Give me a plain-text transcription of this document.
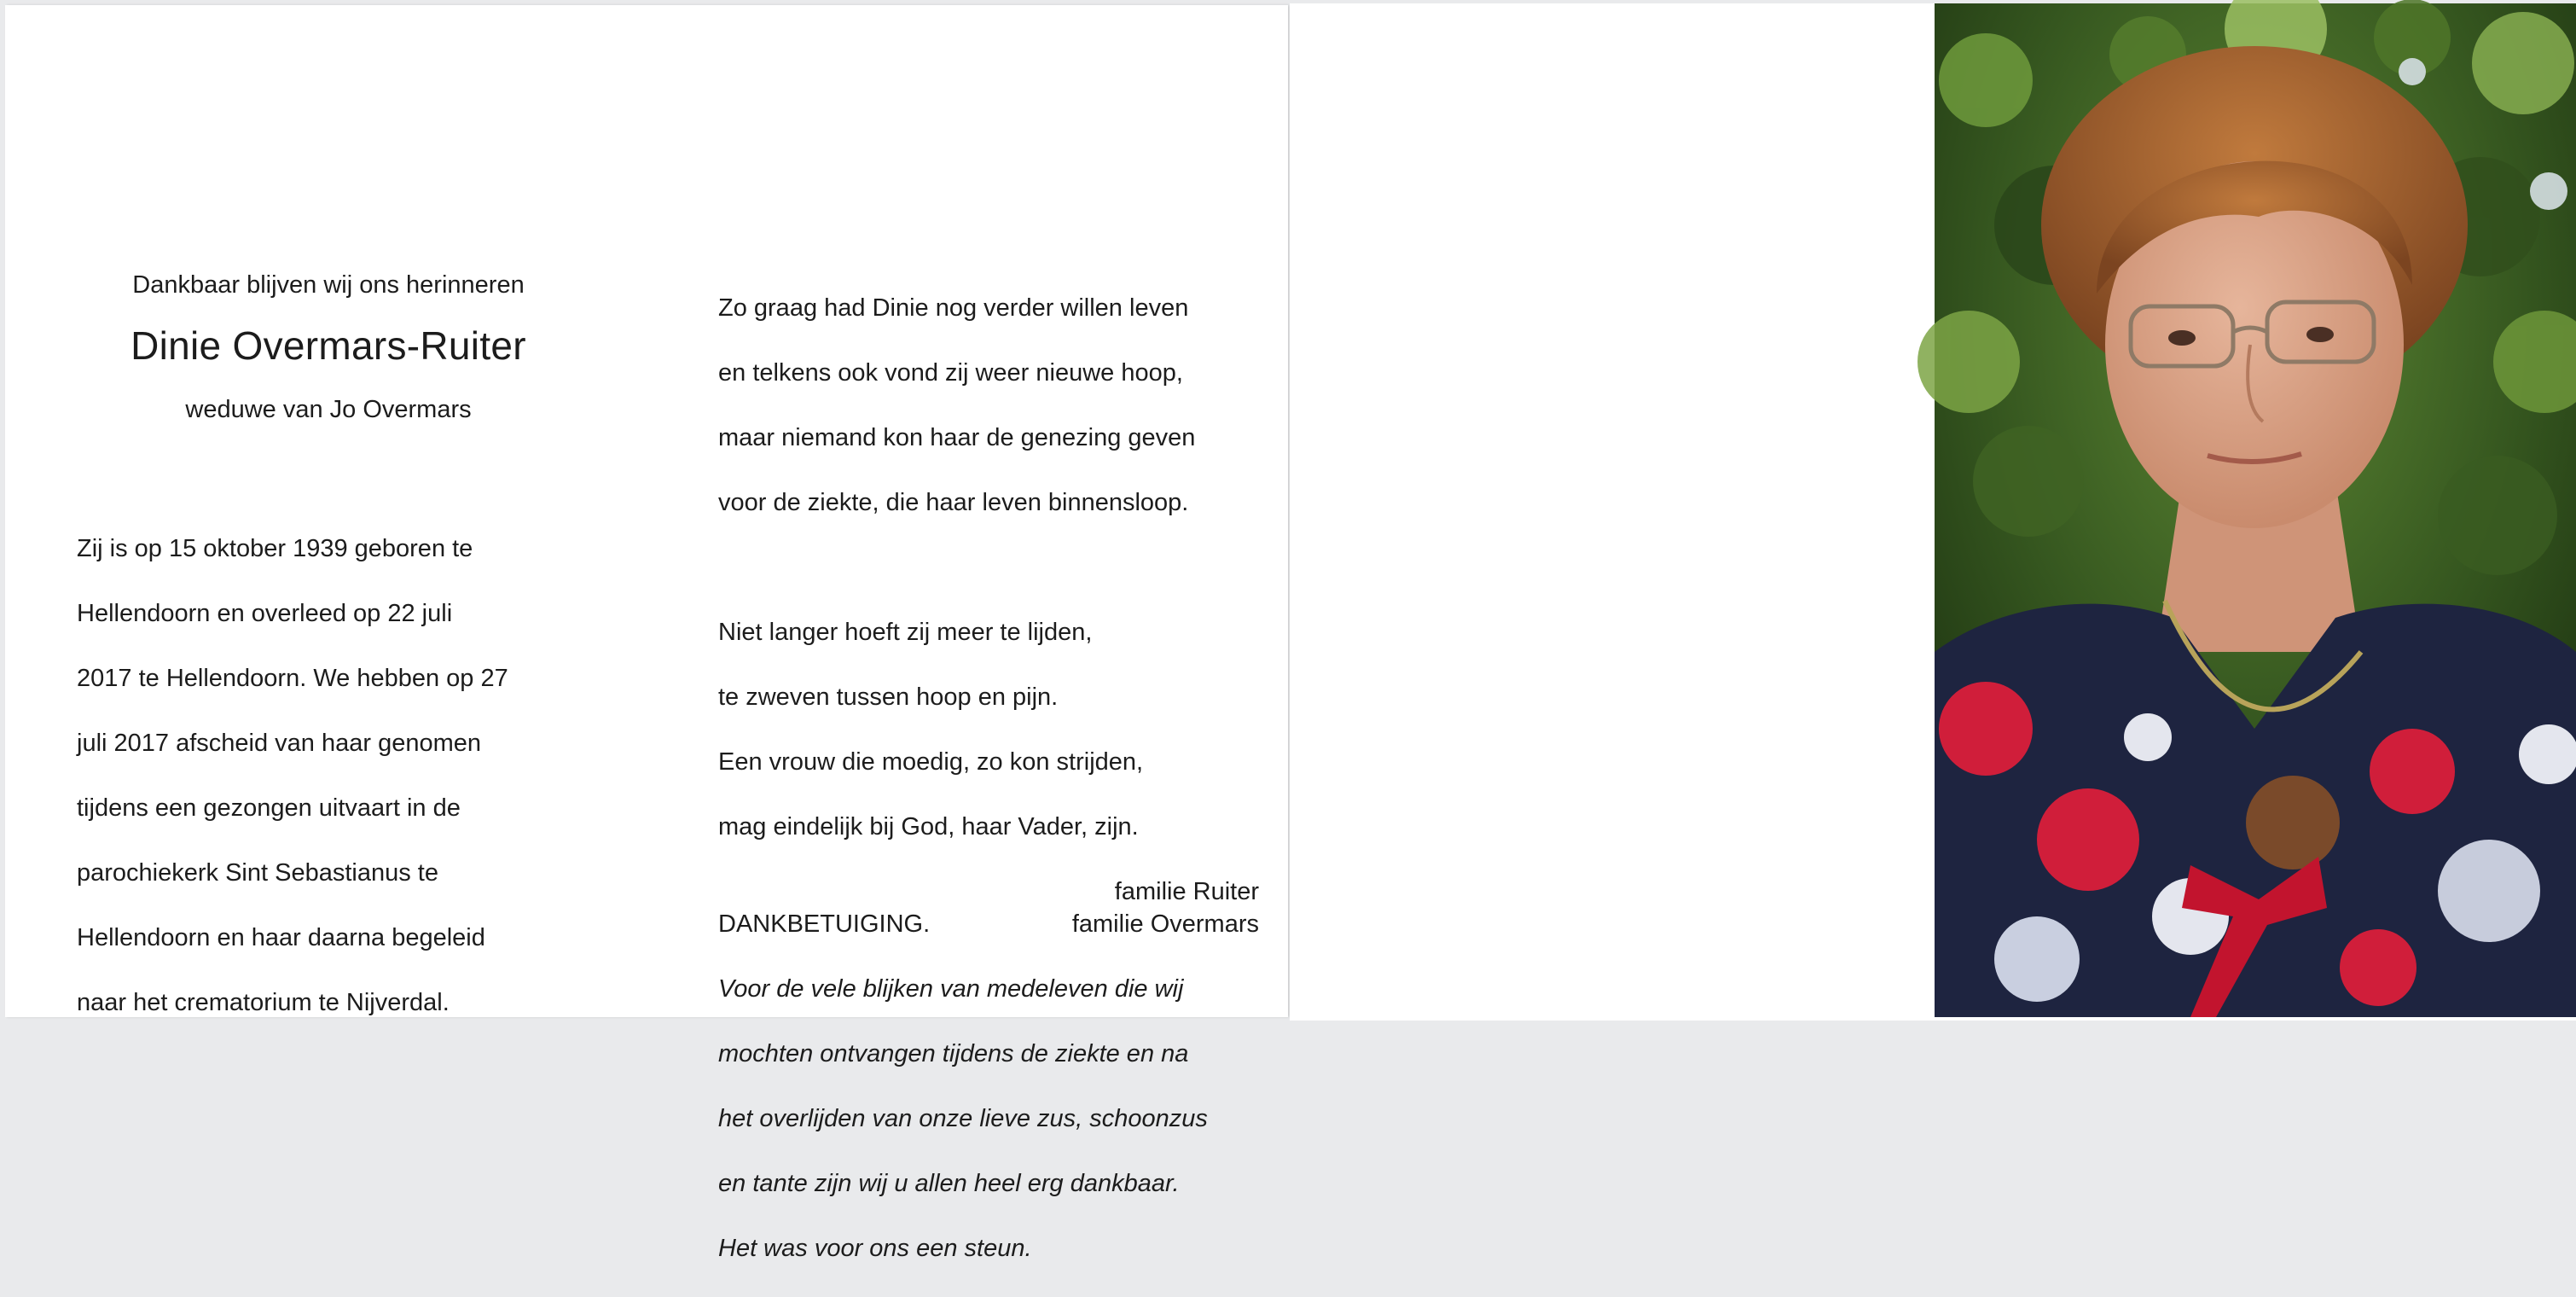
Dankbaar blijven wij ons herinneren

Dinie Overmars-Ruiter

weduwe van Jo Overmars

Zij is op 15 oktober 1939 geboren te

Hellendoorn en overleed op 22 juli

2017 te Hellendoorn. We hebben op 27

juli 2017 afscheid van haar genomen

tijdens een gezongen uitvaart in de

parochiekerk Sint Sebastianus te

Hellendoorn en haar daarna begeleid

naar het crematorium te Nijverdal.

Zo graag had Dinie nog verder willen leven

en telkens ook vond zij weer nieuwe hoop,

maar niemand kon haar de genezing geven

voor de ziekte, die haar leven binnensloop.

Niet langer hoeft zij meer te lijden,

te zweven tussen hoop en pijn.

Een vrouw die moedig, zo kon strijden,

mag eindelijk bij God, haar Vader, zijn.

DANKBETUIGING.

Voor de vele blijken van medeleven die wij

mochten ontvangen tijdens de ziekte en na

het overlijden van onze lieve zus, schoonzus

en tante zijn wij u allen heel erg dankbaar.

Het was voor ons een steun.

familie Ruiter
familie Overmars
